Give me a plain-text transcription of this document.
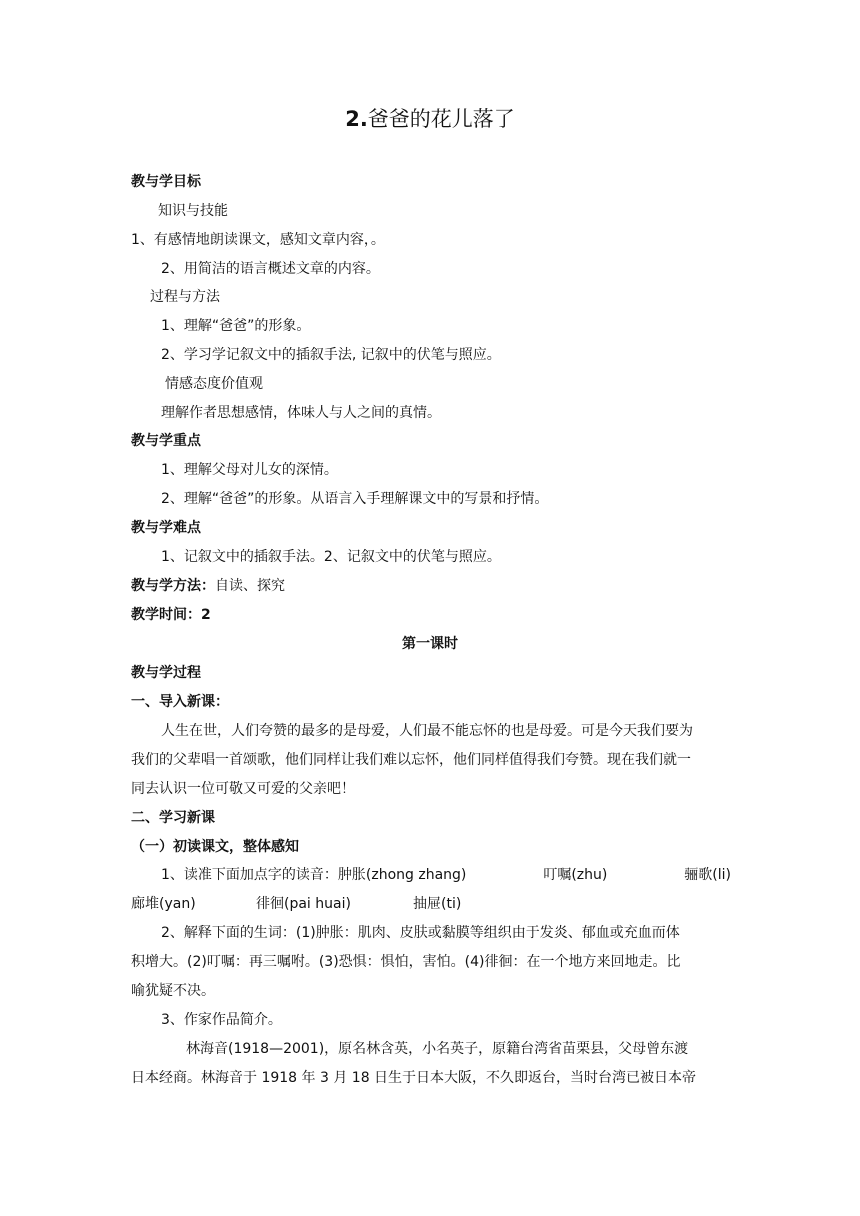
2.爸爸的花儿落了
教与学目标
知识与技能
1、有感情地朗读课文，感知文章内容，。
2、用简洁的语言概述文章的内容。
过程与方法
1、理解“爸爸”的形象。
2、学习学记叙文中的插叙手法, 记叙中的伏笔与照应。
情感态度价值观
理解作者思想感情，体味人与人之间的真情。
教与学重点
1、理解父母对儿女的深情。
2、理解“爸爸”的形象。从语言入手理解课文中的写景和抒情。
教与学难点
1、记叙文中的插叙手法。2、记叙文中的伏笔与照应。
教与学方法：自读、探究
教学时间：2
第一课时
教与学过程
一、导入新课：
人生在世，人们夸赞的最多的是母爱，人们最不能忘怀的也是母爱。可是今天我们要为
我们的父辈唱一首颂歌，他们同样让我们难以忘怀，他们同样值得我们夸赞。现在我们就一
同去认识一位可敬又可爱的父亲吧！
二、学习新课
（一）初读课文，整体感知
1、读准下面加点字的读音：肿胀(zhong zhang)	叮嘱(zhu)	骊歌(li)
廊堆(yan)	徘徊(pai huai)	抽屉(ti)
2、解释下面的生词：(1)肿胀：肌肉、皮肤或黏膜等组织由于发炎、郁血或充血而体
积增大。(2)叮嘱：再三嘱咐。(3)恐惧：惧怕，害怕。(4)徘徊：在一个地方来回地走。比
喻犹疑不决。
3、作家作品简介。
林海音(1918—2001)，原名林含英，小名英子，原籍台湾省苗栗县，父母曾东渡
日本经商。林海音于 1918 年 3 月 18 日生于日本大阪，不久即返台，当时台湾已被日本帝
